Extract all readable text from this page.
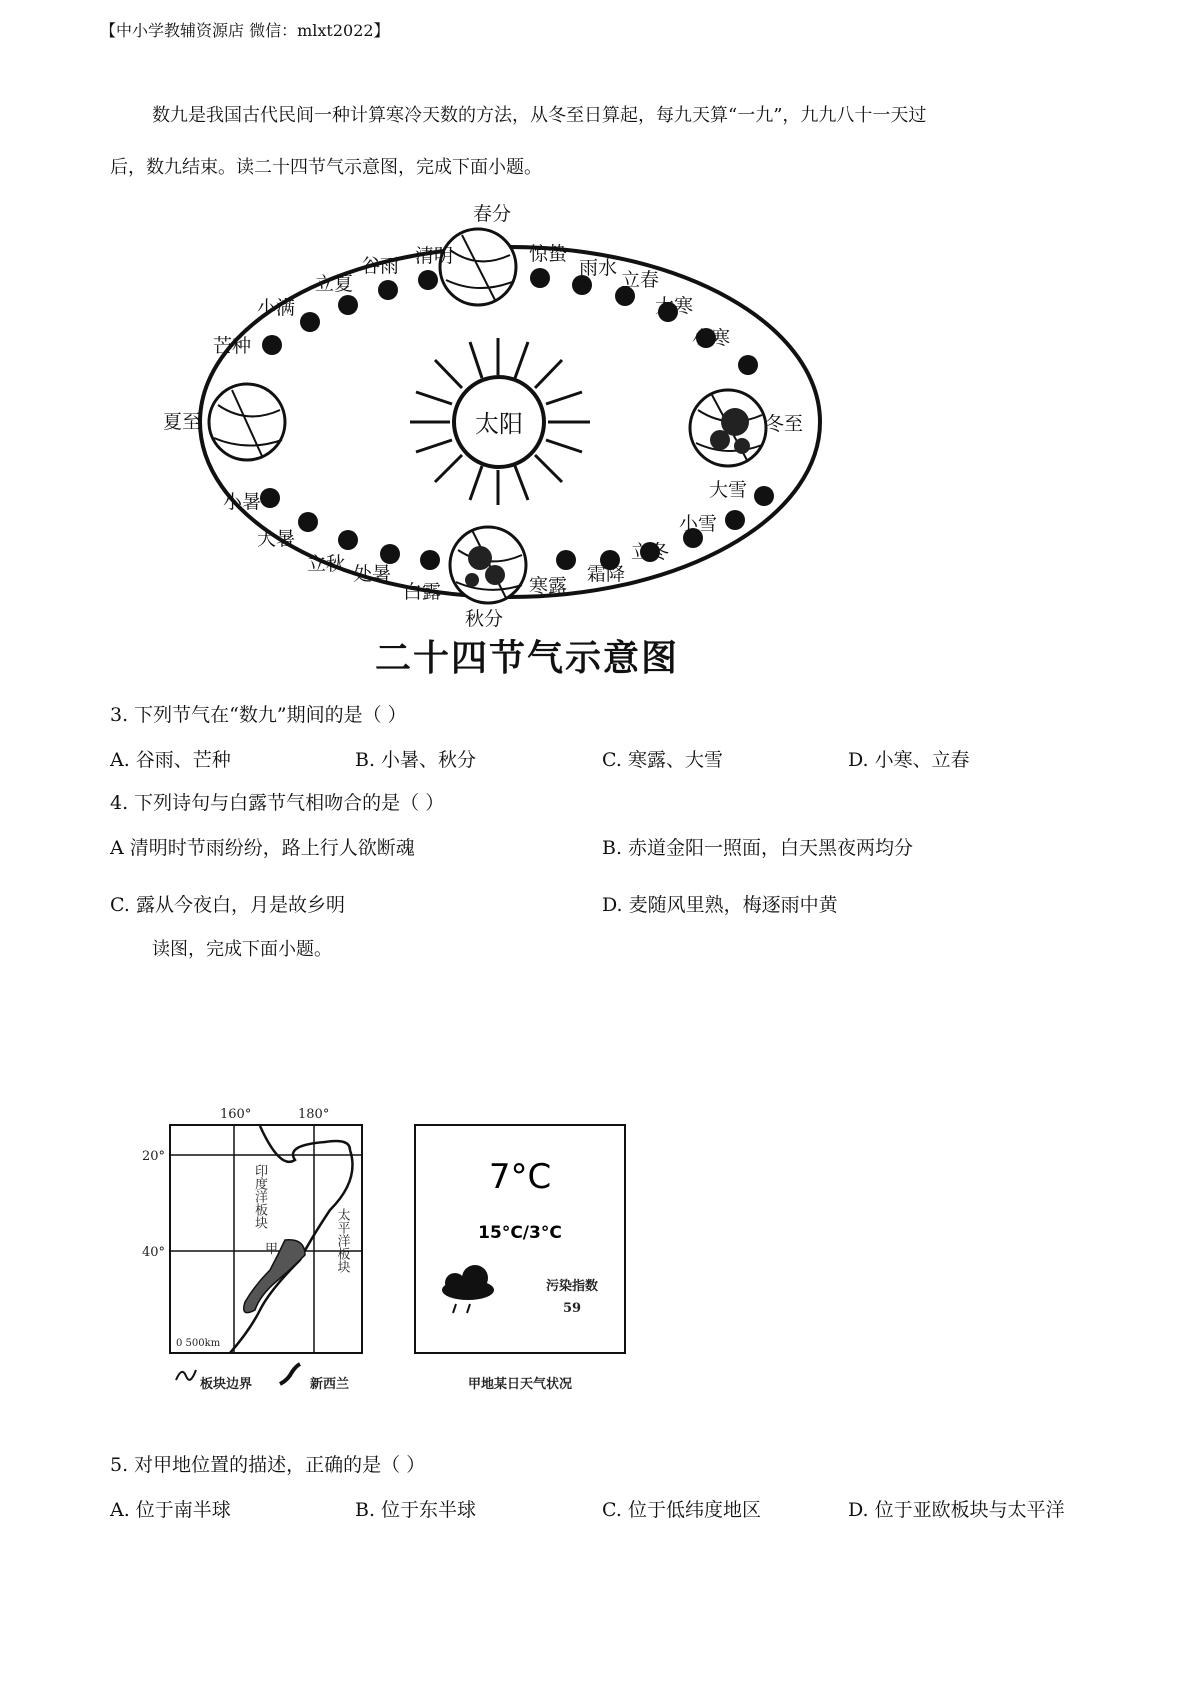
【中小学教辅资源店 微信：mlxt2022】
数九是我国古代民间一种计算寒冷天数的方法，从冬至日算起，每九天算“一九”，九九八十一天过
后，数九结束。读二十四节气示意图，完成下面小题。
太阳
春分
惊蛰
雨水
立春
大寒
小寒
冬至
大雪
小雪
立冬
霜降
寒露
秋分
白露
处暑
立秋
大暑
小暑
夏至
芒种
小满
立夏
谷雨 清明
二十四节气示意图
3. 下列节气在“数九”期间的是（ ）
A. 谷雨、芒种	B. 小暑、秋分	C. 寒露、大雪	D. 小寒、立春
4. 下列诗句与白露节气相吻合的是（ ）
A 清明时节雨纷纷，路上行人欲断魂	B. 赤道金阳一照面，白天黑夜两均分
C. 露从今夜白，月是故乡明	D. 麦随风里熟，梅逐雨中黄
读图，完成下面小题。
160°	180°
20°
40°
印度洋板块
太平洋板块
甲
0 500km
板块边界	新西兰
7°C
15°C/3°C
污染指数
59
甲地某日天气状况
5. 对甲地位置的描述，正确的是（ ）
A. 位于南半球	B. 位于东半球	C. 位于低纬度地区	D. 位于亚欧板块与太平洋
